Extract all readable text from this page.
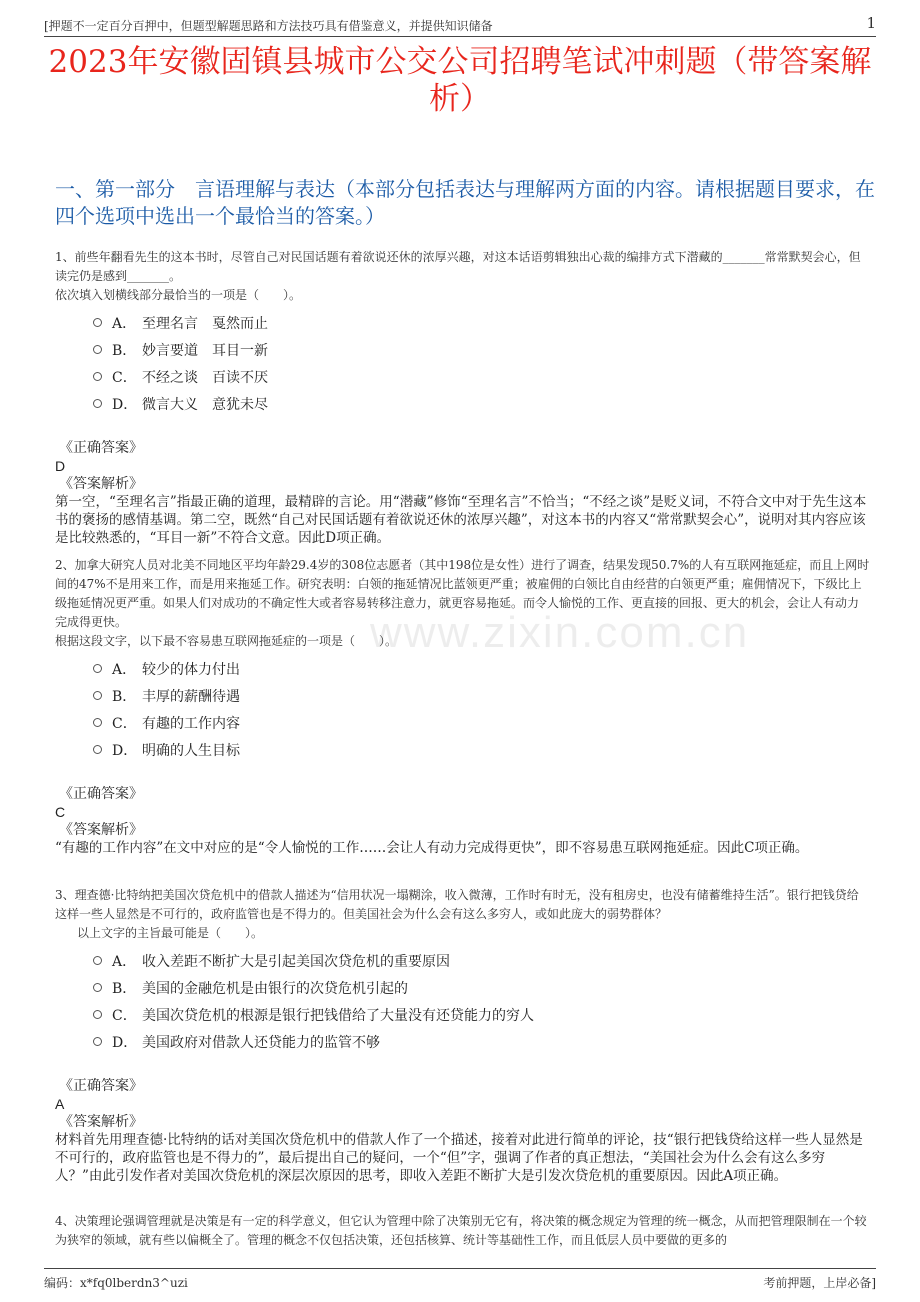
[押题不一定百分百押中，但题型解题思路和方法技巧具有借鉴意义，并提供知识储备	1
2023年安徽固镇县城市公交公司招聘笔试冲刺题（带答案解析）
一、第一部分　言语理解与表达（本部分包括表达与理解两方面的内容。请根据题目要求，在四个选项中选出一个最恰当的答案。）
www.zixin.com.cn

1、前些年翻看先生的这本书时，尽管自己对民国话题有着欲说还休的浓厚兴趣，对这本话语剪辑独出心裁的编排方式下潜藏的_______常常默契会心，但读完仍是感到_______。

依次填入划横线部分最恰当的一项是（　　）。

A． 至理名言　戛然而止
B． 妙言要道　耳目一新
C． 不经之谈　百读不厌
D． 微言大义　意犹未尽

《正确答案》

D

《答案解析》

第一空，“至理名言”指最正确的道理，最精辟的言论。用“潜藏”修饰“至理名言”不恰当；“不经之谈”是贬义词，不符合文中对于先生这本书的褒扬的感情基调。第二空，既然“自己对民国话题有着欲说还休的浓厚兴趣”，对这本书的内容又“常常默契会心”，说明对其内容应该是比较熟悉的，“耳目一新”不符合文意。因此D项正确。

2、加拿大研究人员对北美不同地区平均年龄29.4岁的308位志愿者（其中198位是女性）进行了调查，结果发现50.7%的人有互联网拖延症，而且上网时间的47%不是用来工作，而是用来拖延工作。研究表明：白领的拖延情况比蓝领更严重；被雇佣的白领比自由经营的白领更严重；雇佣情况下，下级比上级拖延情况更严重。如果人们对成功的不确定性大或者容易转移注意力，就更容易拖延。而令人愉悦的工作、更直接的回报、更大的机会，会让人有动力完成得更快。

根据这段文字，以下最不容易患互联网拖延症的一项是（　　）。

A． 较少的体力付出
B． 丰厚的薪酬待遇
C． 有趣的工作内容
D． 明确的人生目标

《正确答案》

C

《答案解析》

“有趣的工作内容”在文中对应的是“令人愉悦的工作……会让人有动力完成得更快”，即不容易患互联网拖延症。因此C项正确。

3、理查德·比特纳把美国次贷危机中的借款人描述为“信用状况一塌糊涂，收入微薄，工作时有时无，没有租房史，也没有储蓄维持生活”。银行把钱贷给这样一些人显然是不可行的，政府监管也是不得力的。但美国社会为什么会有这么多穷人，或如此庞大的弱势群体？

以上文字的主旨最可能是（　　）。

A． 收入差距不断扩大是引起美国次贷危机的重要原因
B． 美国的金融危机是由银行的次贷危机引起的
C． 美国次贷危机的根源是银行把钱借给了大量没有还贷能力的穷人
D． 美国政府对借款人还贷能力的监管不够

《正确答案》

A

《答案解析》

材料首先用理查德·比特纳的话对美国次贷危机中的借款人作了一个描述，接着对此进行简单的评论，技“银行把钱贷给这样一些人显然是不可行的，政府监管也是不得力的”，最后提出自己的疑问，一个“但”字，强调了作者的真正想法，“美国社会为什么会有这么多穷人？”由此引发作者对美国次贷危机的深层次原因的思考，即收入差距不断扩大是引发次贷危机的重要原因。因此A项正确。

4、决策理论强调管理就是决策是有一定的科学意义，但它认为管理中除了决策别无它有，将决策的概念规定为管理的统一概念，从而把管理限制在一个较为狭窄的领域，就有些以偏概全了。管理的概念不仅包括决策，还包括核算、统计等基础性工作，而且低层人员中要做的更多的

编码：x*fq0lberdn3^uzi	考前押题，上岸必备]
